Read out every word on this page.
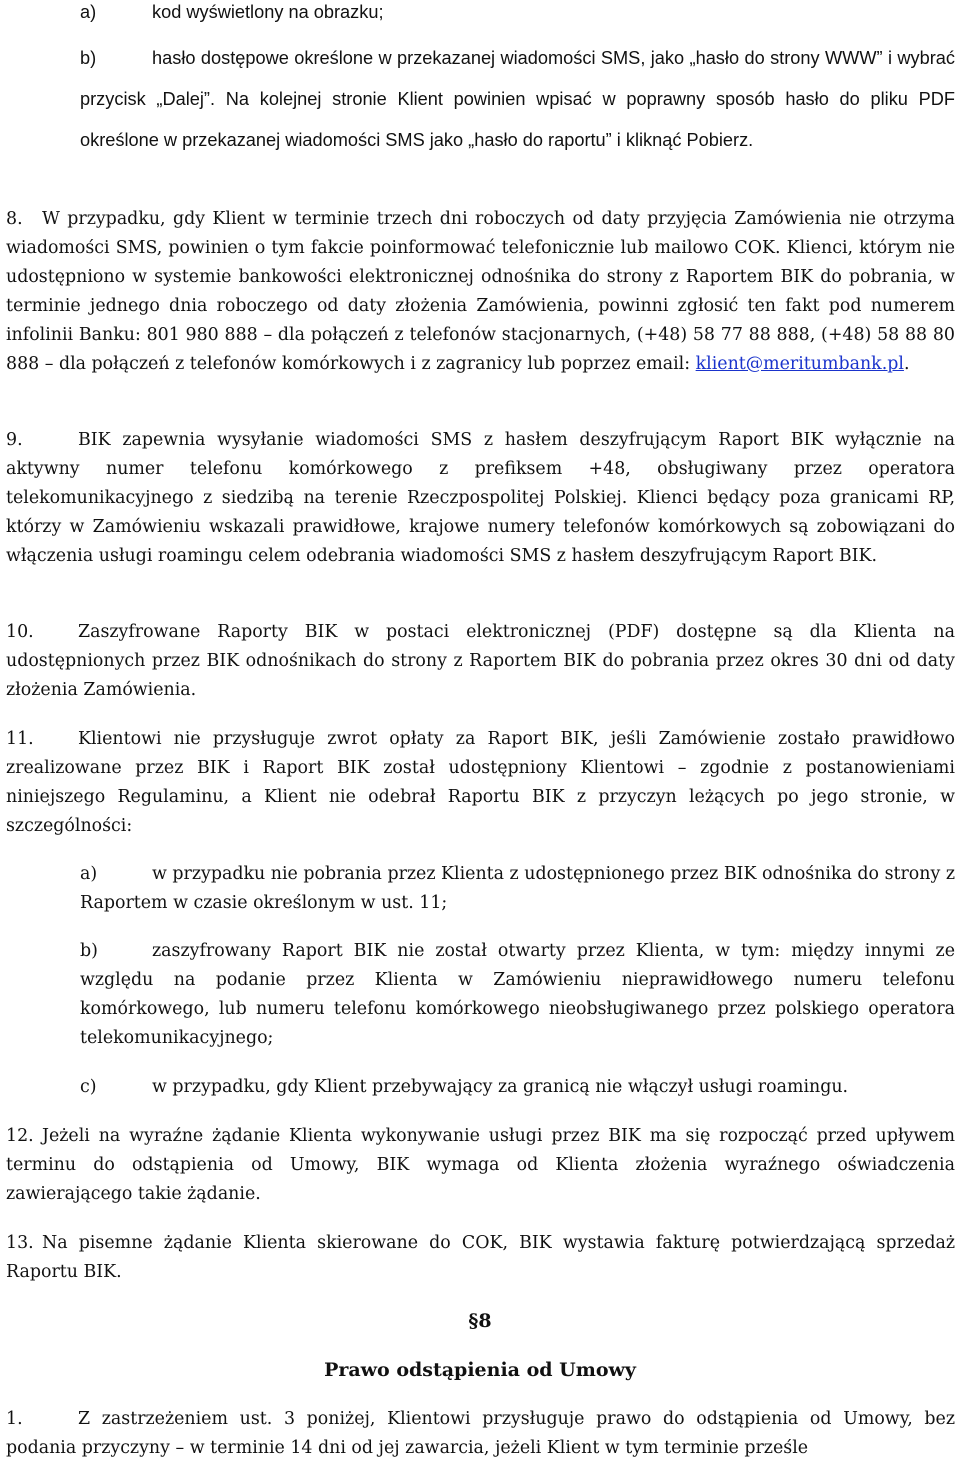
a)	kod wyświetlony na obrazku;

b)	hasło dostępowe określone w przekazanej wiadomości SMS, jako „hasło do strony WWW” i wybrać przycisk „Dalej”. Na kolejnej stronie Klient powinien wpisać w poprawny sposób hasło do pliku PDF określone w przekazanej wiadomości SMS jako „hasło do raportu” i kliknąć Pobierz.

8. W przypadku, gdy Klient w terminie trzech dni roboczych od daty przyjęcia Zamówienia nie otrzyma wiadomości SMS, powinien o tym fakcie poinformować telefonicznie lub mailowo COK. Klienci, którym nie udostępniono w systemie bankowości elektronicznej odnośnika do strony z Raportem BIK do pobrania, w terminie jednego dnia roboczego od daty złożenia Zamówienia, powinni zgłosić ten fakt pod numerem infolinii Banku: 801 980 888 – dla połączeń z telefonów stacjonarnych, (+48) 58 77 88 888, (+48) 58 88 80 888 – dla połączeń z telefonów komórkowych i z zagranicy lub poprzez email: klient@meritumbank.pl.

9.	BIK zapewnia wysyłanie wiadomości SMS z hasłem deszyfrującym Raport BIK wyłącznie na aktywny numer telefonu komórkowego z prefiksem +48, obsługiwany przez operatora telekomunikacyjnego z siedzibą na terenie Rzeczpospolitej Polskiej. Klienci będący poza granicami RP, którzy w Zamówieniu wskazali prawidłowe, krajowe numery telefonów komórkowych są zobowiązani do włączenia usługi roamingu celem odebrania wiadomości SMS z hasłem deszyfrującym Raport BIK.

10.	Zaszyfrowane Raporty BIK w postaci elektronicznej (PDF) dostępne są dla Klienta na udostępnionych przez BIK odnośnikach do strony z Raportem BIK do pobrania przez okres 30 dni od daty złożenia Zamówienia.

11.	Klientowi nie przysługuje zwrot opłaty za Raport BIK, jeśli Zamówienie zostało prawidłowo zrealizowane przez BIK i Raport BIK został udostępniony Klientowi – zgodnie z postanowieniami niniejszego Regulaminu, a Klient nie odebrał Raportu BIK z przyczyn leżących po jego stronie, w szczególności:

a)	w przypadku nie pobrania przez Klienta z udostępnionego przez BIK odnośnika do strony z Raportem w czasie określonym w ust. 11;

b)	zaszyfrowany Raport BIK nie został otwarty przez Klienta, w tym: między innymi ze względu na podanie przez Klienta w Zamówieniu nieprawidłowego numeru telefonu komórkowego, lub numeru telefonu komórkowego nieobsługiwanego przez polskiego operatora telekomunikacyjnego;

c)	w przypadku, gdy Klient przebywający za granicą nie włączył usługi roamingu.

12. Jeżeli na wyraźne żądanie Klienta wykonywanie usługi przez BIK ma się rozpocząć przed upływem terminu do odstąpienia od Umowy, BIK wymaga od Klienta złożenia wyraźnego oświadczenia zawierającego takie żądanie.

13. Na pisemne żądanie Klienta skierowane do COK, BIK wystawia fakturę potwierdzającą sprzedaż Raportu BIK.

§8
Prawo odstąpienia od Umowy

1.	Z zastrzeżeniem ust. 3 poniżej, Klientowi przysługuje prawo do odstąpienia od Umowy, bez podania przyczyny – w terminie 14 dni od jej zawarcia, jeżeli Klient w tym terminie prześle
